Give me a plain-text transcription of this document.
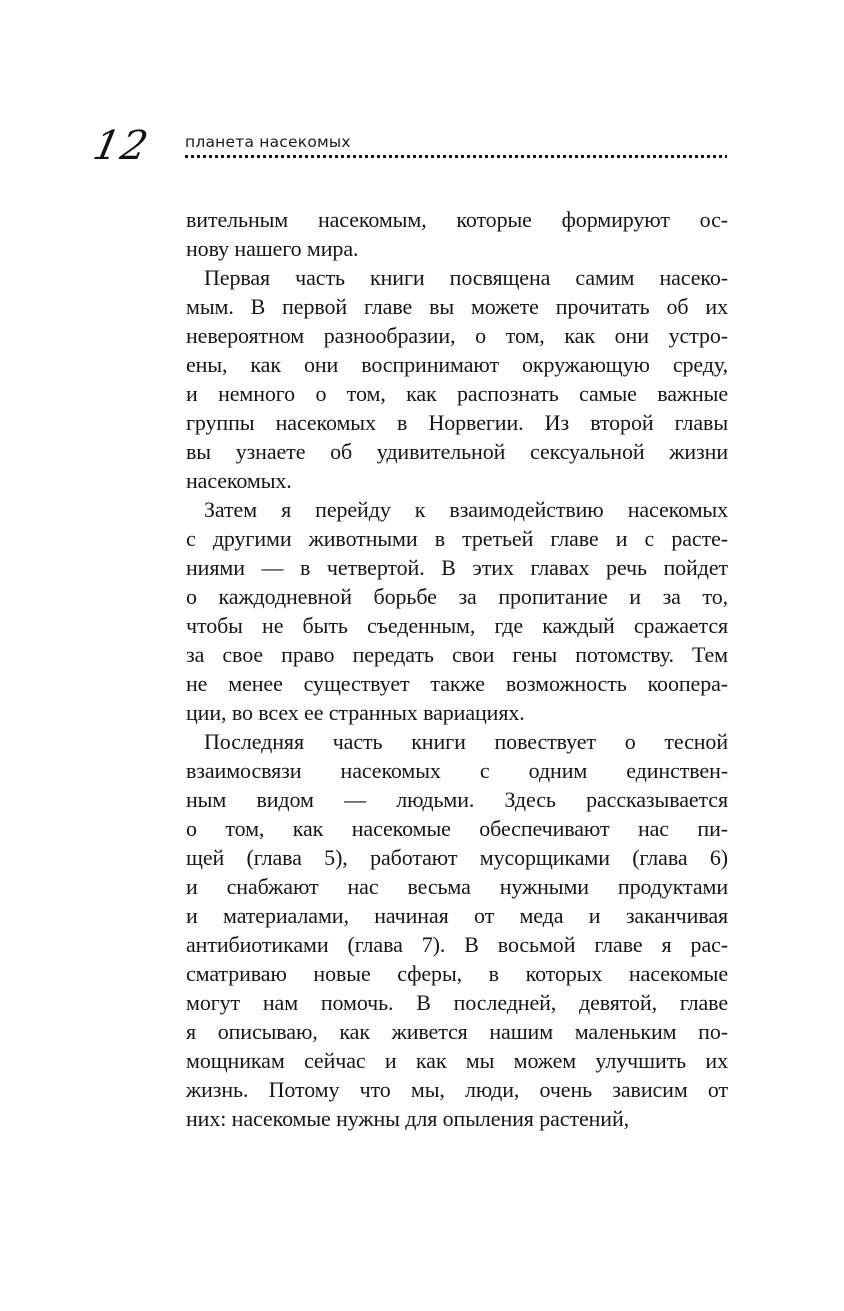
12 планета насекомых
вительным насекомым, которые формируют ос-
нову нашего мира.
Первая часть книги посвящена самим насеко-
мым. В первой главе вы можете прочитать об их
невероятном разнообразии, о том, как они устро-
ены, как они воспринимают окружающую среду,
и немного о том, как распознать самые важные
группы насекомых в Норвегии. Из второй главы
вы узнаете об удивительной сексуальной жизни
насекомых.
Затем я перейду к взаимодействию насекомых
с другими животными в третьей главе и с расте-
ниями — в четвертой. В этих главах речь пойдет
о каждодневной борьбе за пропитание и за то,
чтобы не быть съеденным, где каждый сражается
за свое право передать свои гены потомству. Тем
не менее существует также возможность коопера-
ции, во всех ее странных вариациях.
Последняя часть книги повествует о тесной
взаимосвязи насекомых с одним единствен-
ным видом — людьми. Здесь рассказывается
о том, как насекомые обеспечивают нас пи-
щей (глава 5), работают мусорщиками (глава 6)
и снабжают нас весьма нужными продуктами
и материалами, начиная от меда и заканчивая
антибиотиками (глава 7). В восьмой главе я рас-
сматриваю новые сферы, в которых насекомые
могут нам помочь. В последней, девятой, главе
я описываю, как живется нашим маленьким по-
мощникам сейчас и как мы можем улучшить их
жизнь. Потому что мы, люди, очень зависим от
них: насекомые нужны для опыления растений,
